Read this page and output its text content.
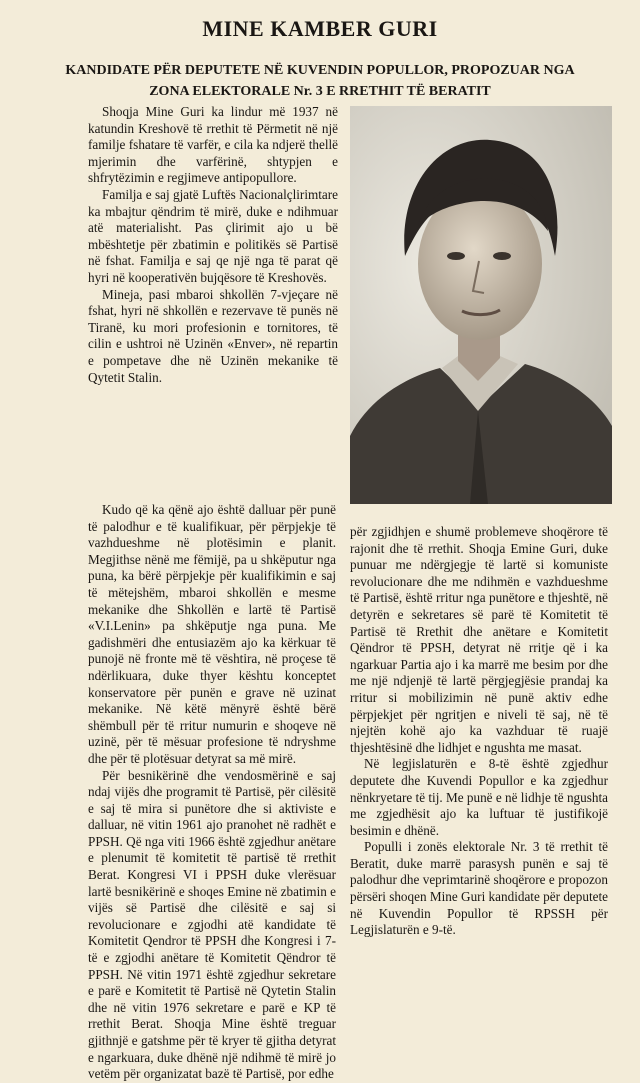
MINE KAMBER GURI
KANDIDATE PËR DEPUTETE NË KUVENDIN POPULLOR, PROPOZUAR NGA ZONA ELEKTORALE Nr. 3 E RRETHIT TË BERATIT

Shoqja Mine Guri ka lindur më 1937 në katundin Kreshovë të rrethit të Përmetit në një familje fshatare të varfër, e cila ka ndjerë thellë mjerimin dhe varfërinë, shtypjen e shfrytëzimin e regjimeve antipopullore.

Familja e saj gjatë Luftës Nacionalçlirimtare ka mbajtur qëndrim të mirë, duke e ndihmuar atë materialisht. Pas çlirimit ajo u bë mbështetje për zbatimin e politikës së Partisë në fshat. Familja e saj qe një nga të parat që hyri në kooperativën bujqësore të Kreshovës.

Mineja, pasi mbaroi shkollën 7-vjeçare në fshat, hyri në shkollën e rezervave të punës në Tiranë, ku mori profesionin e tornitores, të cilin e ushtroi në Uzinën «Enver», në repartin e pompetave dhe në Uzinën mekanike të Qytetit Stalin.

Kudo që ka qënë ajo është dalluar për punë të palodhur e të kualifikuar, për përpjekje të vazhdueshme në plotësimin e planit. Megjithse nënë me fëmijë, pa u shkëputur nga puna, ka bërë përpjekje për kualifikimin e saj të mëtejshëm, mbaroi shkollën e mesme mekanike dhe Shkollën e lartë të Partisë «V.I.Lenin» pa shkëputje nga puna. Me gadishmëri dhe entusiazëm ajo ka kërkuar të punojë në fronte më të vështira, në proçese të ndërlikuara, duke thyer kështu konceptet konservatore për punën e grave në uzinat mekanike. Në këtë mënyrë është bërë shëmbull për të rritur numurin e shoqeve në uzinë, për të mësuar profesione të ndryshme dhe për të plotësuar detyrat sa më mirë.

Për besnikërinë dhe vendosmërinë e saj ndaj vijës dhe programit të Partisë, për cilësitë e saj të mira si punëtore dhe si aktiviste e dalluar, në vitin 1961 ajo pranohet në radhët e PPSH. Që nga viti 1966 është zgjedhur anëtare e plenumit të komitetit të partisë të rrethit Berat. Kongresi VI i PPSH duke vlerësuar lartë besnikërinë e shoqes Emine në zbatimin e vijës së Partisë dhe cilësitë e saj si revolucionare e zgjodhi atë kandidate të Komitetit Qendror të PPSH dhe Kongresi i 7-të e zgjodhi anëtare të Komitetit Qëndror të PPSH. Në vitin 1971 është zgjedhur sekretare e parë e Komitetit të Partisë në Qytetin Stalin dhe në vitin 1976 sekretare e parë e KP të rrethit Berat. Shoqja Mine është treguar gjithnjë e gatshme për të kryer të gjitha detyrat e ngarkuara, duke dhënë një ndihmë të mirë jo vetëm për organizatat bazë të Partisë, por edhe

për zgjidhjen e shumë problemeve shoqërore të rajonit dhe të rrethit. Shoqja Emine Guri, duke punuar me ndërgjegje të lartë si komuniste revolucionare dhe me ndihmën e vazhdueshme të Partisë, është rritur nga punëtore e thjeshtë, në detyrën e sekretares së parë të Komitetit të Partisë të Rrethit dhe anëtare e Komitetit Qëndror të PPSH, detyrat në rritje që i ka ngarkuar Partia ajo i ka marrë me besim por dhe me një ndjenjë të lartë përgjegjësie prandaj ka rritur si mobilizimin në punë aktiv edhe përpjekjet për ngritjen e niveli të saj, në të njejtën kohë ajo ka vazhduar të ruajë thjeshtësinë dhe lidhjet e ngushta me masat.

Në legjislaturën e 8-të është zgjedhur deputete dhe Kuvendi Popullor e ka zgjedhur nënkryetare të tij. Me punë e në lidhje të ngushta me zgjedhësit ajo ka luftuar të justifikojë besimin e dhënë.

Populli i zonës elektorale Nr. 3 të rrethit të Beratit, duke marrë parasysh punën e saj të palodhur dhe veprimtarinë shoqërore e propozon përsëri shoqen Mine Guri kandidate për deputete në Kuvendin Popullor të RPSSH për Legjislaturën e 9-të.
